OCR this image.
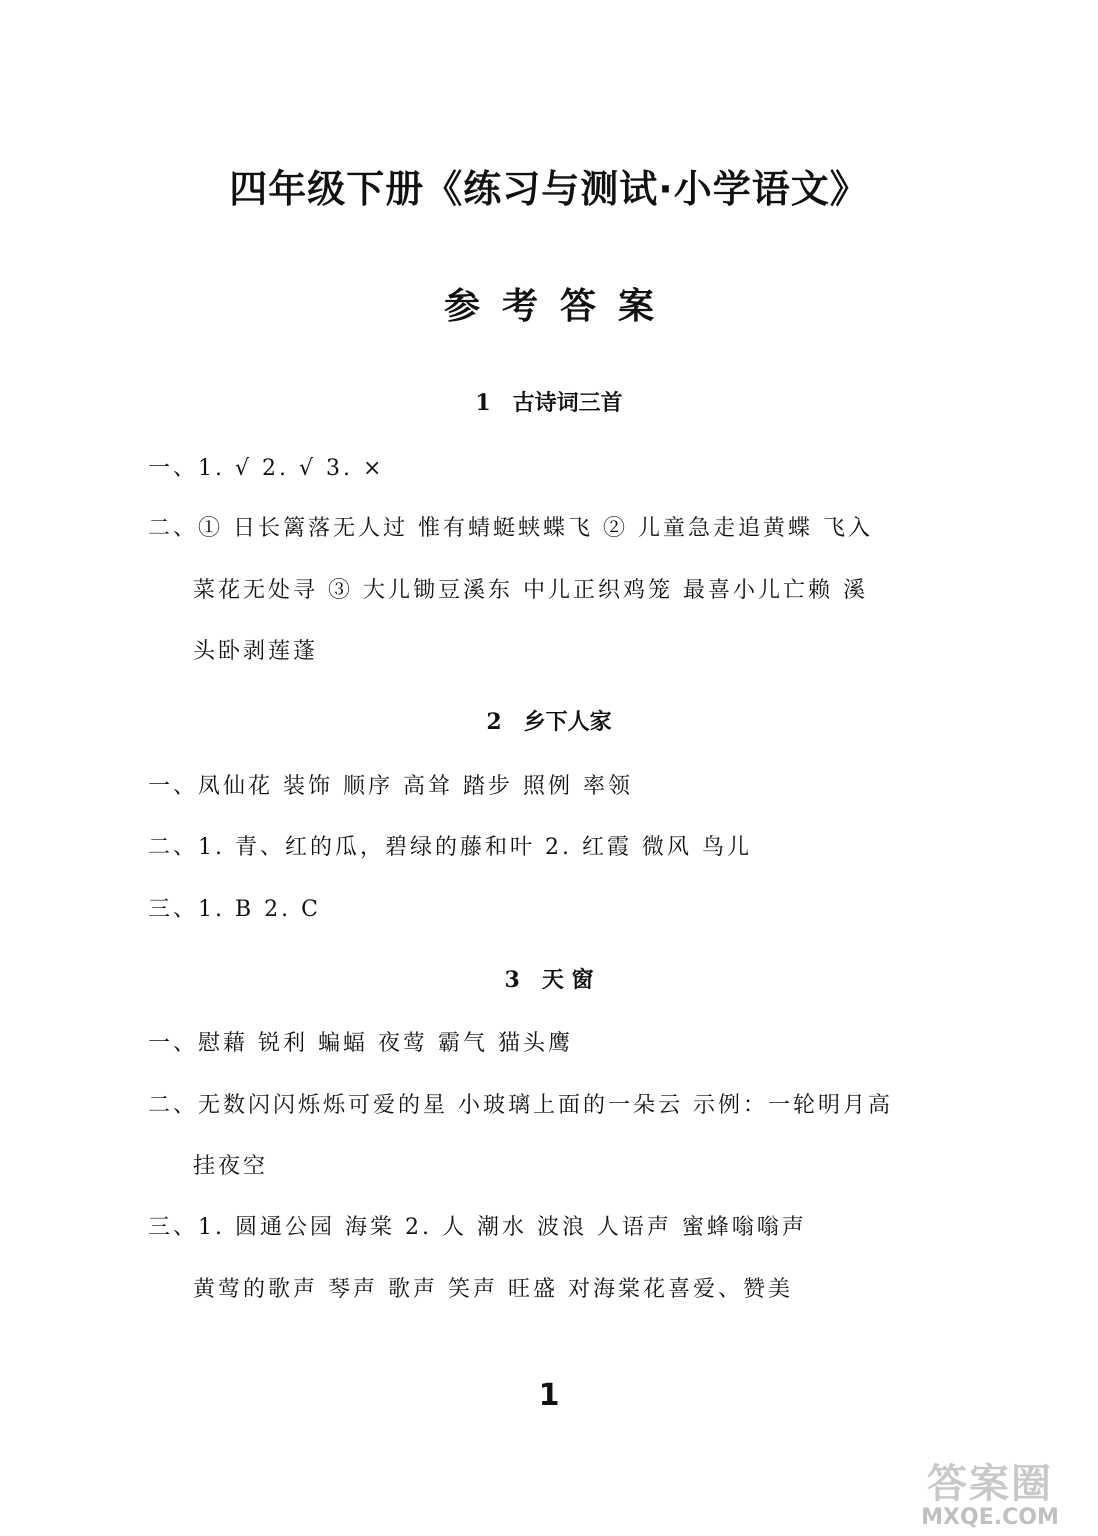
四年级下册《练习与测试·小学语文》
参考答案
1 古诗词三首
一、1. √ 2. √ 3. ×
二、① 日长篱落无人过 惟有蜻蜓蛱蝶飞 ② 儿童急走追黄蝶 飞入
菜花无处寻 ③ 大儿锄豆溪东 中儿正织鸡笼 最喜小儿亡赖 溪
头卧剥莲蓬
2 乡下人家
一、凤仙花 装饰 顺序 高耸 踏步 照例 率领
二、1. 青、红的瓜，碧绿的藤和叶 2. 红霞 微风 鸟儿
三、1. B 2. C
3 天 窗
一、慰藉 锐利 蝙蝠 夜莺 霸气 猫头鹰
二、无数闪闪烁烁可爱的星 小玻璃上面的一朵云 示例：一轮明月高
挂夜空
三、1. 圆通公园 海棠 2. 人 潮水 波浪 人语声 蜜蜂嗡嗡声
黄莺的歌声 琴声 歌声 笑声 旺盛 对海棠花喜爱、赞美
1
答案圈
MXQE.COM
